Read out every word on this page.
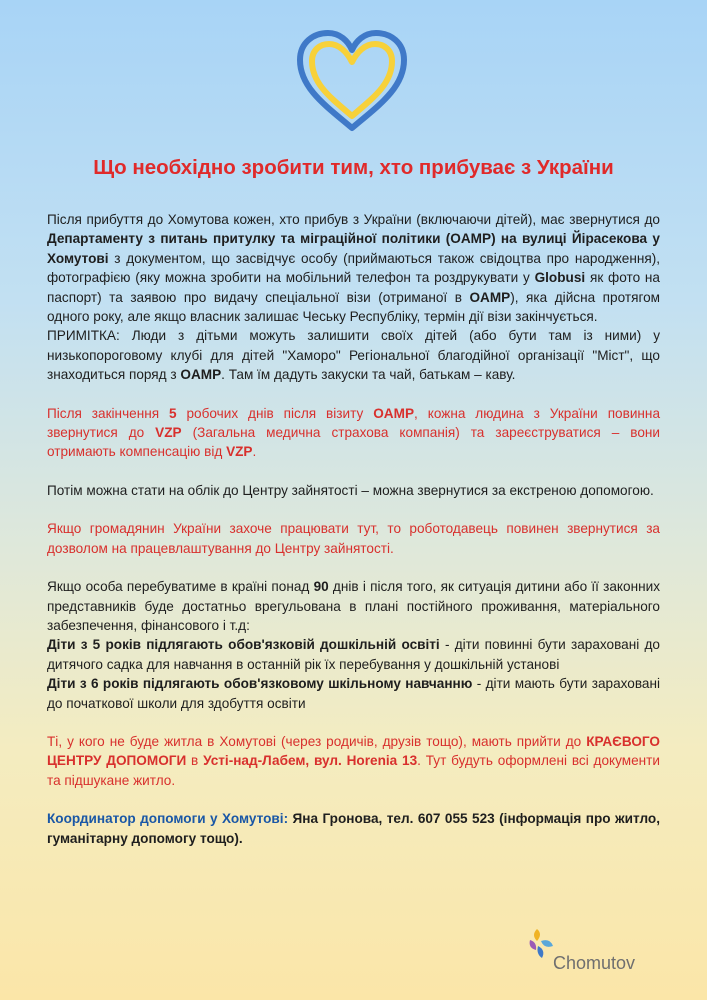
Що необхідно зробити тим, хто прибуває з України

Після прибуття до Хомутова кожен, хто прибув з України (включаючи дітей), має звернутися до Департаменту з питань притулку та міграційної політики (OAMP) на вулиці Йірасекова у Хомутові з документом, що засвідчує особу (приймаються також свідоцтва про народження), фотографією (яку можна зробити на мобільний телефон та роздрукувати у Globusi як фото на паспорт) та заявою про видачу спеціальної візи (отриманої в OAMP), яка дійсна протягом одного року, але якщо власник залишає Чеську Республіку, термін дії візи закінчується.

ПРИМІТКА: Люди з дітьми можуть залишити своїх дітей (або бути там із ними) у низькопороговому клубі для дітей "Хаморо" Регіональної благодійної організації "Міст", що знаходиться поряд з OAMP. Там їм дадуть закуски та чай, батькам – каву.

Після закінчення 5 робочих днів після візиту OAMP, кожна людина з України повинна звернутися до VZP (Загальна медична страхова компанія) та зареєструватися – вони отримають компенсацію від VZP.

Потім можна стати на облік до Центру зайнятості – можна звернутися за екстреною допомогою.

Якщо громадянин України захоче працювати тут, то роботодавець повинен звернутися за дозволом на працевлаштування до Центру зайнятості.

Якщо особа перебуватиме в країні понад 90 днів і після того, як ситуація дитини або її законних представників буде достатньо врегульована в плані постійного проживання, матеріального забезпечення, фінансового і т.д:

Діти з 5 років підлягають обов'язковій дошкільній освіті - діти повинні бути зараховані до дитячого садка для навчання в останній рік їх перебування у дошкільній установі

Діти з 6 років підлягають обов'язковому шкільному навчанню - діти мають бути зараховані до початкової школи для здобуття освіти

Ті, у кого не буде житла в Хомутові (через родичів, друзів тощо), мають прийти до КРАЄВОГО ЦЕНТРУ ДОПОМОГИ в Усті-над-Лабем, вул. Horenia 13. Тут будуть оформлені всі документи та підшукане житло.

Координатор допомоги у Хомутові: Яна Гронова, тел. 607 055 523 (інформація про житло, гуманітарну допомогу тощо).

Chomutov
